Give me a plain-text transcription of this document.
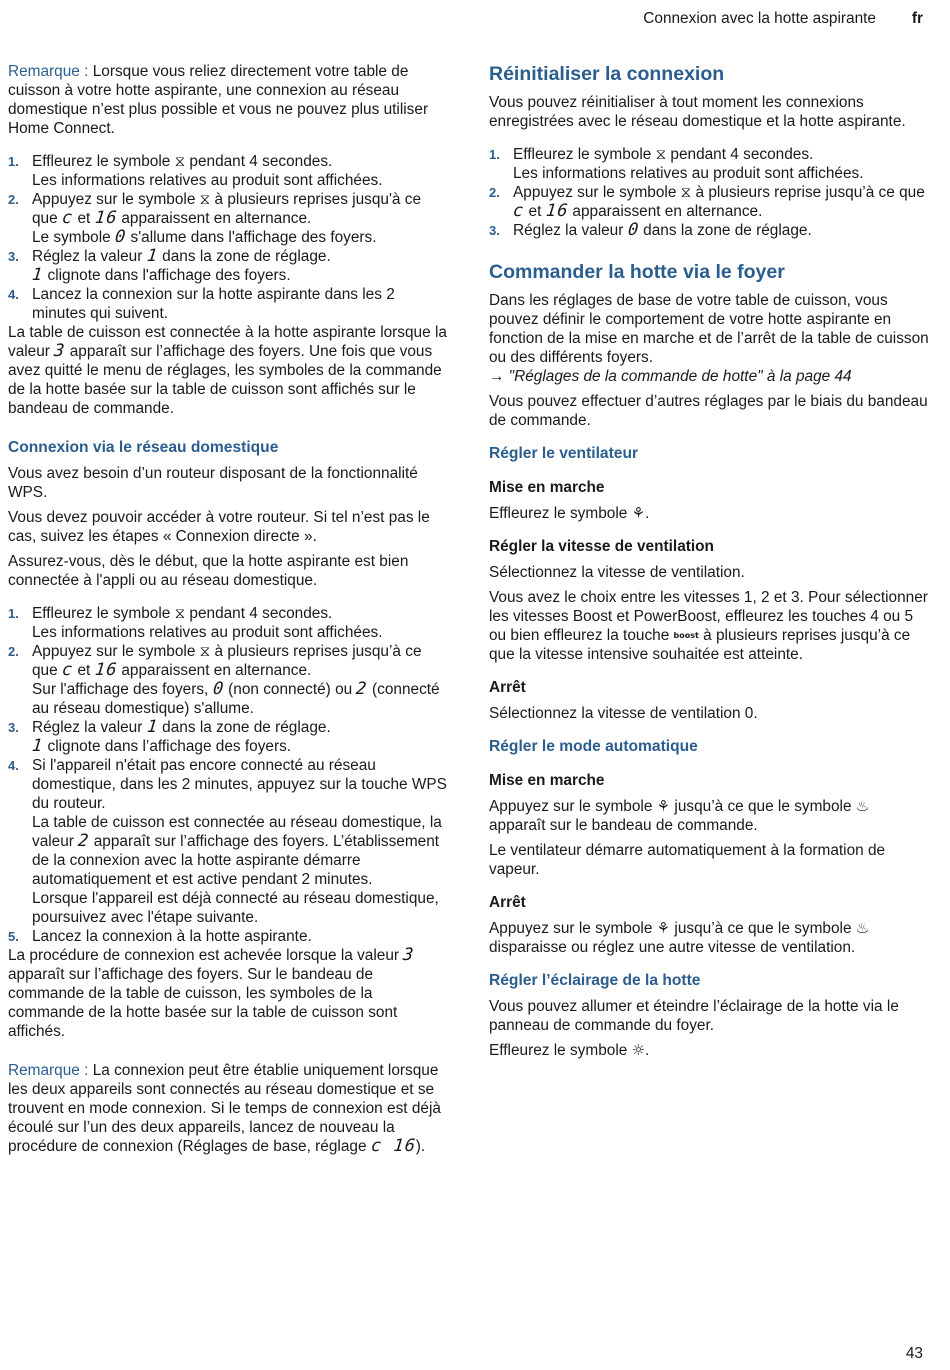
Connexion avec la hotte aspirante fr

Remarque : Lorsque vous reliez directement votre table de cuisson à votre hotte aspirante, une connexion au réseau domestique n’est plus possible et vous ne pouvez plus utiliser Home Connect.

1. Effleurez le symbole ⧖ pendant 4 secondes.
Les informations relatives au produit sont affichées.
2. Appuyez sur le symbole ⧖ à plusieurs reprises jusqu'à ce que c et 16 apparaissent en alternance.
Le symbole 0 s'allume dans l'affichage des foyers.
3. Réglez la valeur 1 dans la zone de réglage.
1 clignote dans l'affichage des foyers.
4. Lancez la connexion sur la hotte aspirante dans les 2 minutes qui suivent.

La table de cuisson est connectée à la hotte aspirante lorsque la valeur 3 apparaît sur l’affichage des foyers. Une fois que vous avez quitté le menu de réglages, les symboles de la commande de la hotte basée sur la table de cuisson sont affichés sur le bandeau de commande.

Connexion via le réseau domestique

Vous avez besoin d’un routeur disposant de la fonctionnalité WPS.

Vous devez pouvoir accéder à votre routeur. Si tel n’est pas le cas, suivez les étapes « Connexion directe ».

Assurez-vous, dès le début, que la hotte aspirante est bien connectée à l'appli ou au réseau domestique.

1. Effleurez le symbole ⧖ pendant 4 secondes.
Les informations relatives au produit sont affichées.
2. Appuyez sur le symbole ⧖ à plusieurs reprises jusqu’à ce que c et 16 apparaissent en alternance.
Sur l'affichage des foyers, 0 (non connecté) ou 2 (connecté au réseau domestique) s'allume.
3. Réglez la valeur 1 dans la zone de réglage.
1 clignote dans l’affichage des foyers.
4. Si l'appareil n'était pas encore connecté au réseau domestique, dans les 2 minutes, appuyez sur la touche WPS du routeur.
La table de cuisson est connectée au réseau domestique, la valeur 2 apparaît sur l’affichage des foyers. L’établissement de la connexion avec la hotte aspirante démarre automatiquement et est active pendant 2 minutes.
Lorsque l'appareil est déjà connecté au réseau domestique, poursuivez avec l'étape suivante.
5. Lancez la connexion à la hotte aspirante.

La procédure de connexion est achevée lorsque la valeur 3 apparaît sur l’affichage des foyers. Sur le bandeau de commande de la table de cuisson, les symboles de la commande de la hotte basée sur la table de cuisson sont affichés.

Remarque : La connexion peut être établie uniquement lorsque les deux appareils sont connectés au réseau domestique et se trouvent en mode connexion. Si le temps de connexion est déjà écoulé sur l’un des deux appareils, lancez de nouveau la procédure de connexion (Réglages de base, réglage c 16).

Réinitialiser la connexion

Vous pouvez réinitialiser à tout moment les connexions enregistrées avec le réseau domestique et la hotte aspirante.

1. Effleurez le symbole ⧖ pendant 4 secondes.
Les informations relatives au produit sont affichées.
2. Appuyez sur le symbole ⧖ à plusieurs reprise jusqu’à ce que c et 16 apparaissent en alternance.
3. Réglez la valeur 0 dans la zone de réglage.
Commander la hotte via le foyer

Dans les réglages de base de votre table de cuisson, vous pouvez définir le comportement de votre hotte aspirante en fonction de la mise en marche et de l’arrêt de la table de cuisson ou des différents foyers.
→ "Réglages de la commande de hotte" à la page 44

Vous pouvez effectuer d’autres réglages par le biais du bandeau de commande.

Régler le ventilateur
Mise en marche

Effleurez le symbole ⚘.

Régler la vitesse de ventilation

Sélectionnez la vitesse de ventilation.

Vous avez le choix entre les vitesses 1, 2 et 3. Pour sélectionner les vitesses Boost et PowerBoost, effleurez les touches 4 ou 5 ou bien effleurez la touche boost à plusieurs reprises jusqu’à ce que la vitesse intensive souhaitée est atteinte.

Arrêt

Sélectionnez la vitesse de ventilation 0.

Régler le mode automatique
Mise en marche

Appuyez sur le symbole ⚘ jusqu’à ce que le symbole ♨ apparaît sur le bandeau de commande.

Le ventilateur démarre automatiquement à la formation de vapeur.

Arrêt

Appuyez sur le symbole ⚘ jusqu’à ce que le symbole ♨ disparaisse ou réglez une autre vitesse de ventilation.

Régler l’éclairage de la hotte

Vous pouvez allumer et éteindre l’éclairage de la hotte via le panneau de commande du foyer.

Effleurez le symbole ☼.

43
